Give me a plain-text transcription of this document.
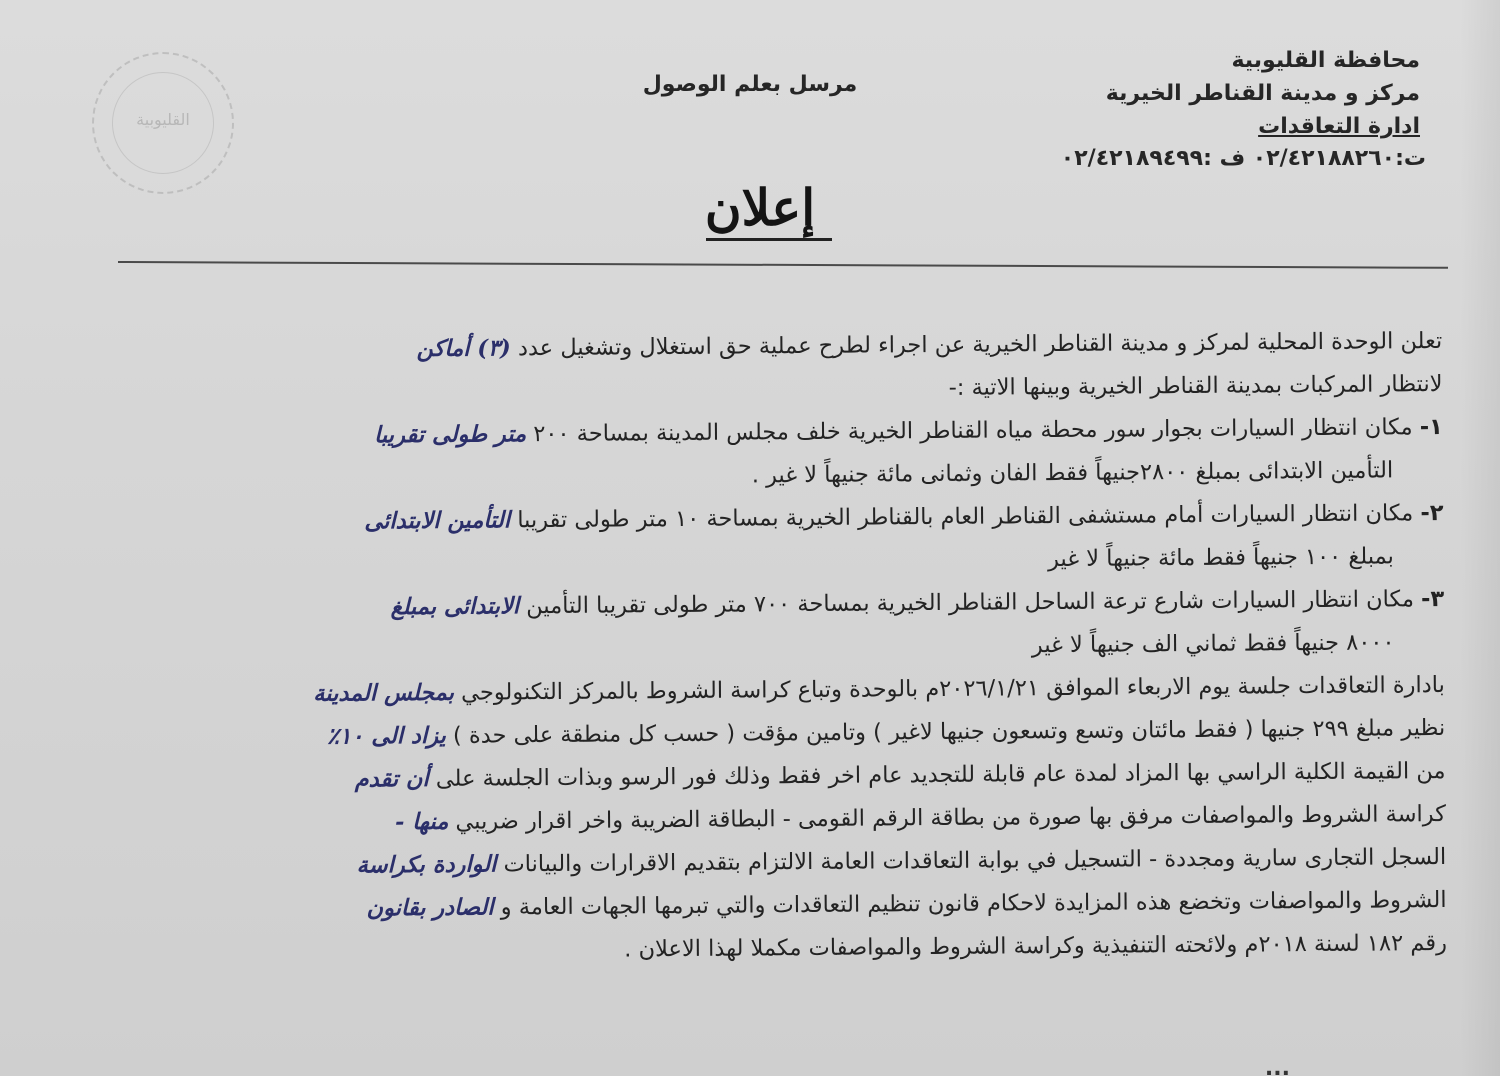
القليوبية
محافظة القليوبية
مركز و مدينة القناطر الخيرية
ادارة التعاقدات
ت:٠٢/٤٢١٨٨٢٦٠ ف :٠٢/٤٢١٨٩٤٩٩
مرسل بعلم الوصول
إعلان

تعلن الوحدة المحلية لمركز و مدينة القناطر الخيرية عن اجراء لطرح عملية حق استغلال وتشغيل عدد (٣) أماكن

لانتظار المركبات بمدينة القناطر الخيرية وبينها الاتية :-

١- مكان انتظار السيارات بجوار سور محطة مياه القناطر الخيرية خلف مجلس المدينة بمساحة ٢٠٠ متر طولى تقريبا

التأمين الابتدائى بمبلغ ٢٨٠٠جنيهاً فقط الفان وثمانى مائة جنيهاً لا غير .

٢- مكان انتظار السيارات أمام مستشفى القناطر العام بالقناطر الخيرية بمساحة ١٠ متر طولى تقريبا التأمين الابتدائى

بمبلغ ١٠٠ جنيهاً فقط مائة جنيهاً لا غير

٣- مكان انتظار السيارات شارع ترعة الساحل القناطر الخيرية بمساحة ٧٠٠ متر طولى تقريبا التأمين الابتدائى بمبلغ

٨٠٠٠ جنيهاً فقط ثماني الف جنيهاً لا غير

بادارة التعاقدات جلسة يوم الاربعاء الموافق ٢٠٢٦/١/٢١م بالوحدة وتباع كراسة الشروط بالمركز التكنولوجي بمجلس المدينة

نظير مبلغ ٢٩٩ جنيها ( فقط مائتان وتسع وتسعون جنيها لاغير ) وتامين مؤقت ( حسب كل منطقة على حدة ) يزاد الى ١٠٪

من القيمة الكلية الراسي بها المزاد لمدة عام قابلة للتجديد عام اخر فقط وذلك فور الرسو وبذات الجلسة على أن تقدم

كراسة الشروط والمواصفات مرفق بها صورة من بطاقة الرقم القومى - البطاقة الضريبة واخر اقرار ضريبي منها -

السجل التجارى سارية ومجددة - التسجيل في بوابة التعاقدات العامة الالتزام بتقديم الاقرارات والبيانات الواردة بكراسة

الشروط والمواصفات وتخضع هذه المزايدة لاحكام قانون تنظيم التعاقدات والتي تبرمها الجهات العامة و الصادر بقانون

رقم ١٨٢ لسنة ٢٠١٨م ولائحته التنفيذية وكراسة الشروط والمواصفات مكملا لهذا الاعلان .

...
